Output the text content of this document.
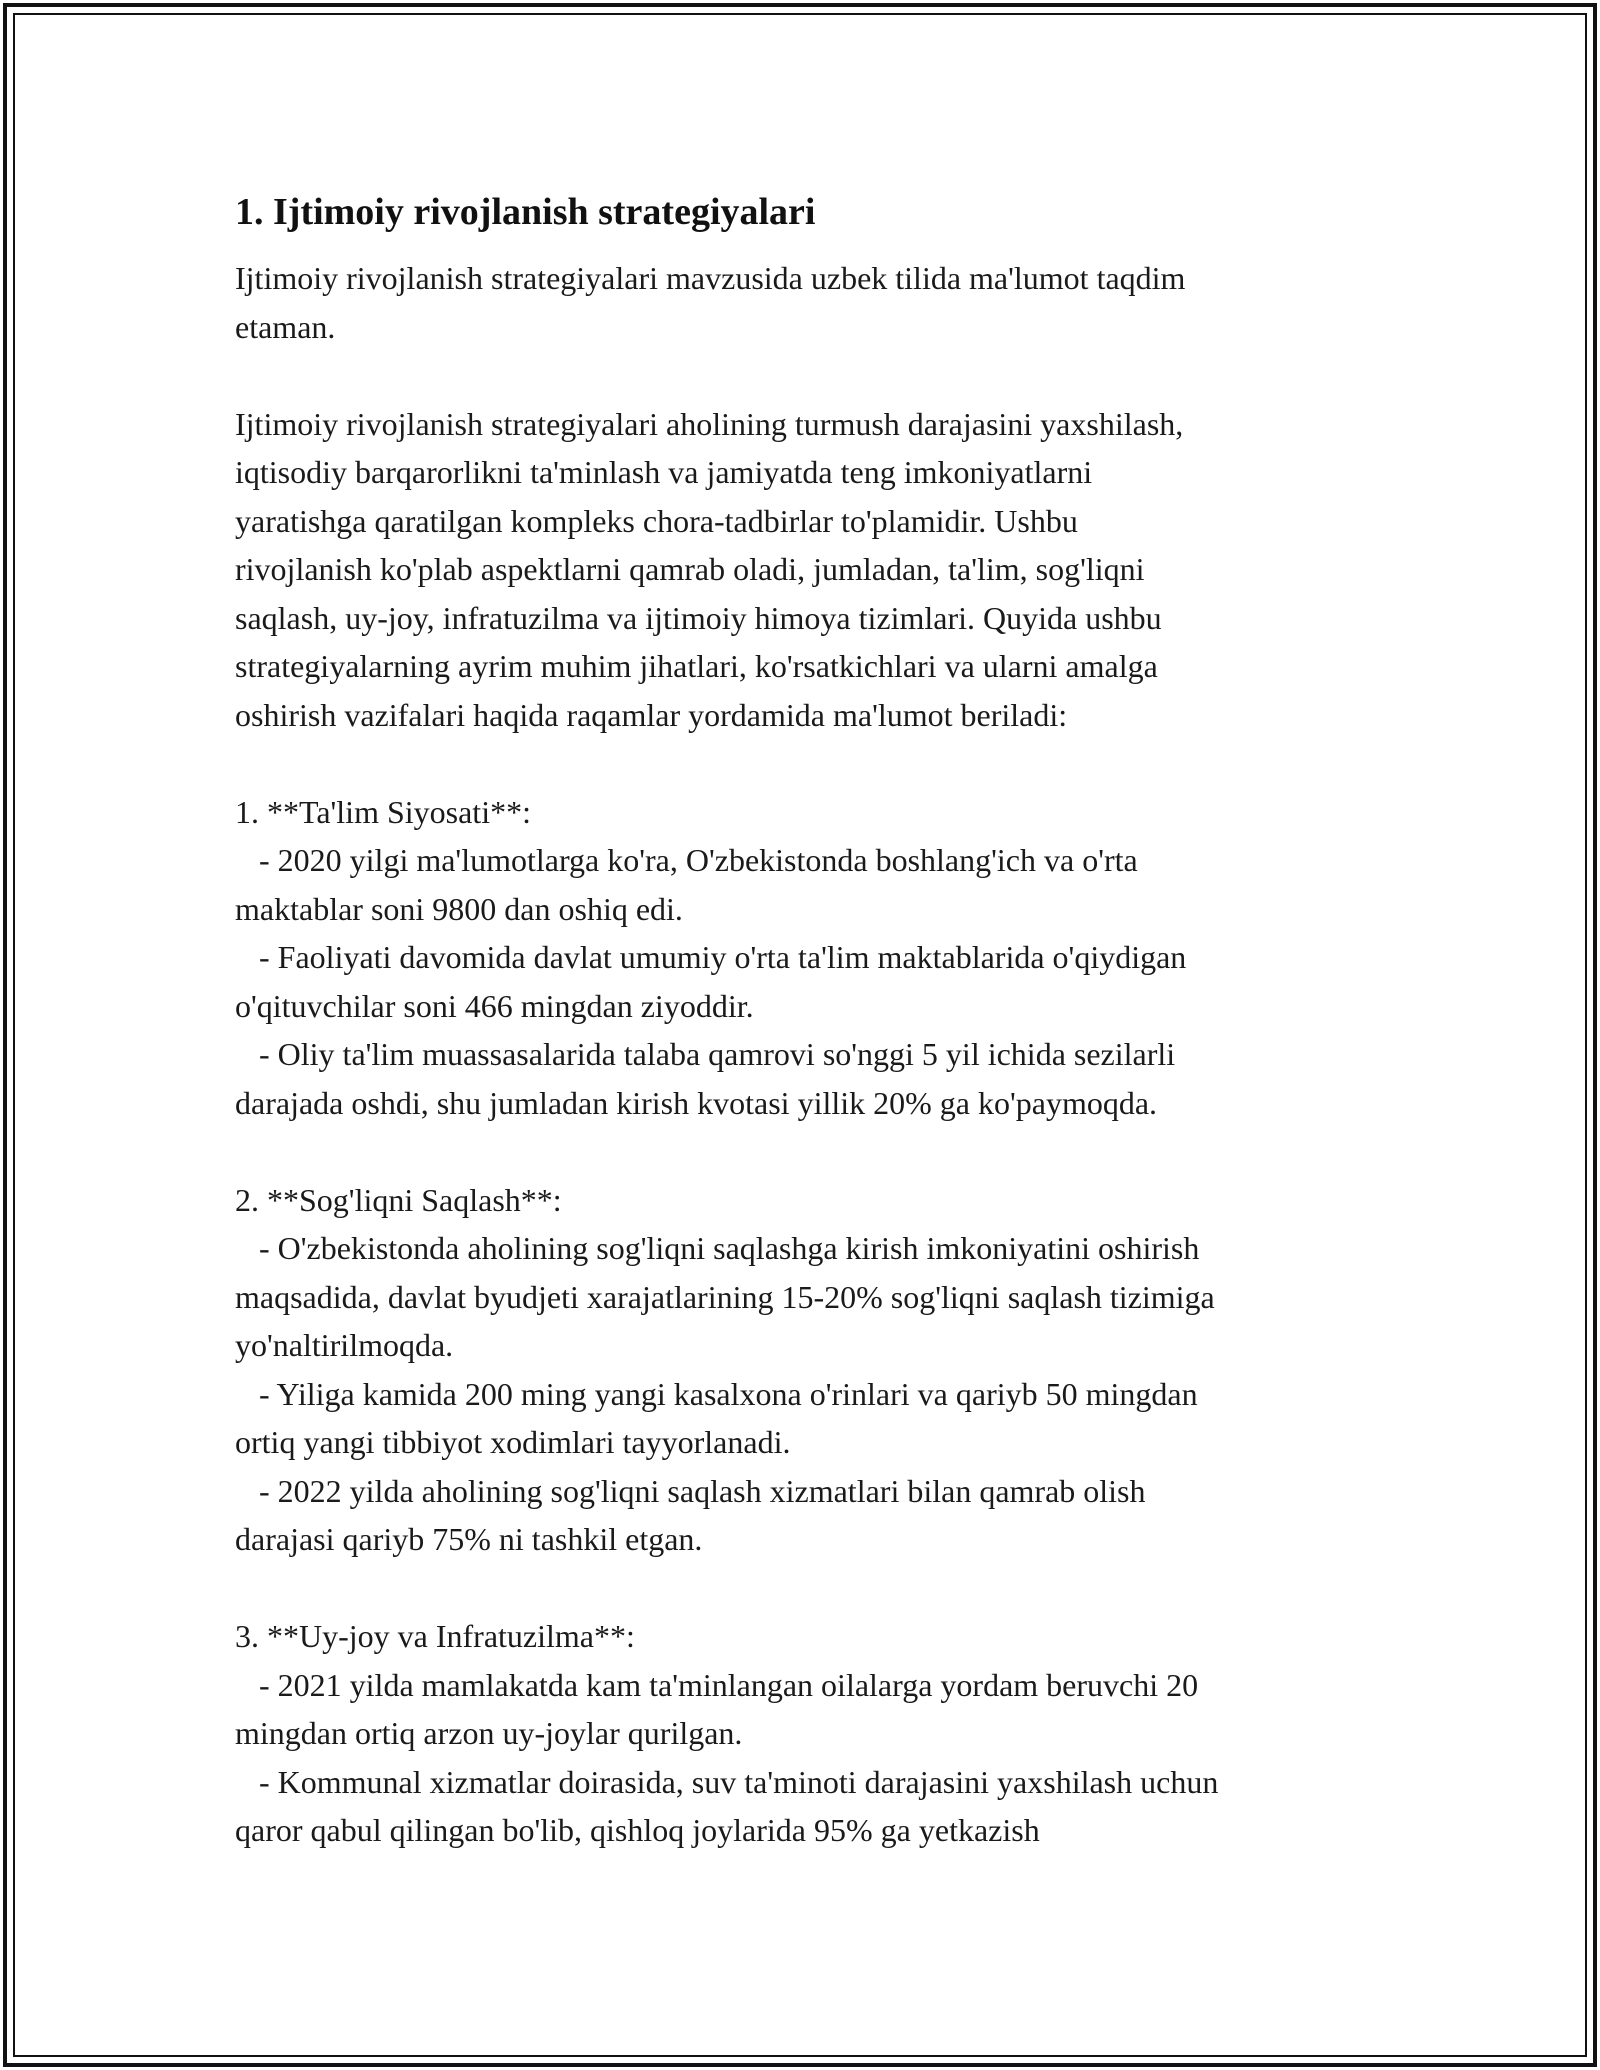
1. Ijtimoiy rivojlanish strategiyalari

Ijtimoiy rivojlanish strategiyalari mavzusida uzbek tilida ma'lumot taqdim
etaman.

Ijtimoiy rivojlanish strategiyalari aholining turmush darajasini yaxshilash,
iqtisodiy barqarorlikni ta'minlash va jamiyatda teng imkoniyatlarni
yaratishga qaratilgan kompleks chora-tadbirlar to'plamidir. Ushbu
rivojlanish ko'plab aspektlarni qamrab oladi, jumladan, ta'lim, sog'liqni
saqlash, uy-joy, infratuzilma va ijtimoiy himoya tizimlari. Quyida ushbu
strategiyalarning ayrim muhim jihatlari, ko'rsatkichlari va ularni amalga
oshirish vazifalari haqida raqamlar yordamida ma'lumot beriladi:

1. **Ta'lim Siyosati**:
- 2020 yilgi ma'lumotlarga ko'ra, O'zbekistonda boshlang'ich va o'rta
maktablar soni 9800 dan oshiq edi.
- Faoliyati davomida davlat umumiy o'rta ta'lim maktablarida o'qiydigan
o'qituvchilar soni 466 mingdan ziyoddir.
- Oliy ta'lim muassasalarida talaba qamrovi so'nggi 5 yil ichida sezilarli
darajada oshdi, shu jumladan kirish kvotasi yillik 20% ga ko'paymoqda.

2. **Sog'liqni Saqlash**:
- O'zbekistonda aholining sog'liqni saqlashga kirish imkoniyatini oshirish
maqsadida, davlat byudjeti xarajatlarining 15-20% sog'liqni saqlash tizimiga
yo'naltirilmoqda.
- Yiliga kamida 200 ming yangi kasalxona o'rinlari va qariyb 50 mingdan
ortiq yangi tibbiyot xodimlari tayyorlanadi.
- 2022 yilda aholining sog'liqni saqlash xizmatlari bilan qamrab olish
darajasi qariyb 75% ni tashkil etgan.

3. **Uy-joy va Infratuzilma**:
- 2021 yilda mamlakatda kam ta'minlangan oilalarga yordam beruvchi 20
mingdan ortiq arzon uy-joylar qurilgan.
- Kommunal xizmatlar doirasida, suv ta'minoti darajasini yaxshilash uchun
qaror qabul qilingan bo'lib, qishloq joylarida 95% ga yetkazish
